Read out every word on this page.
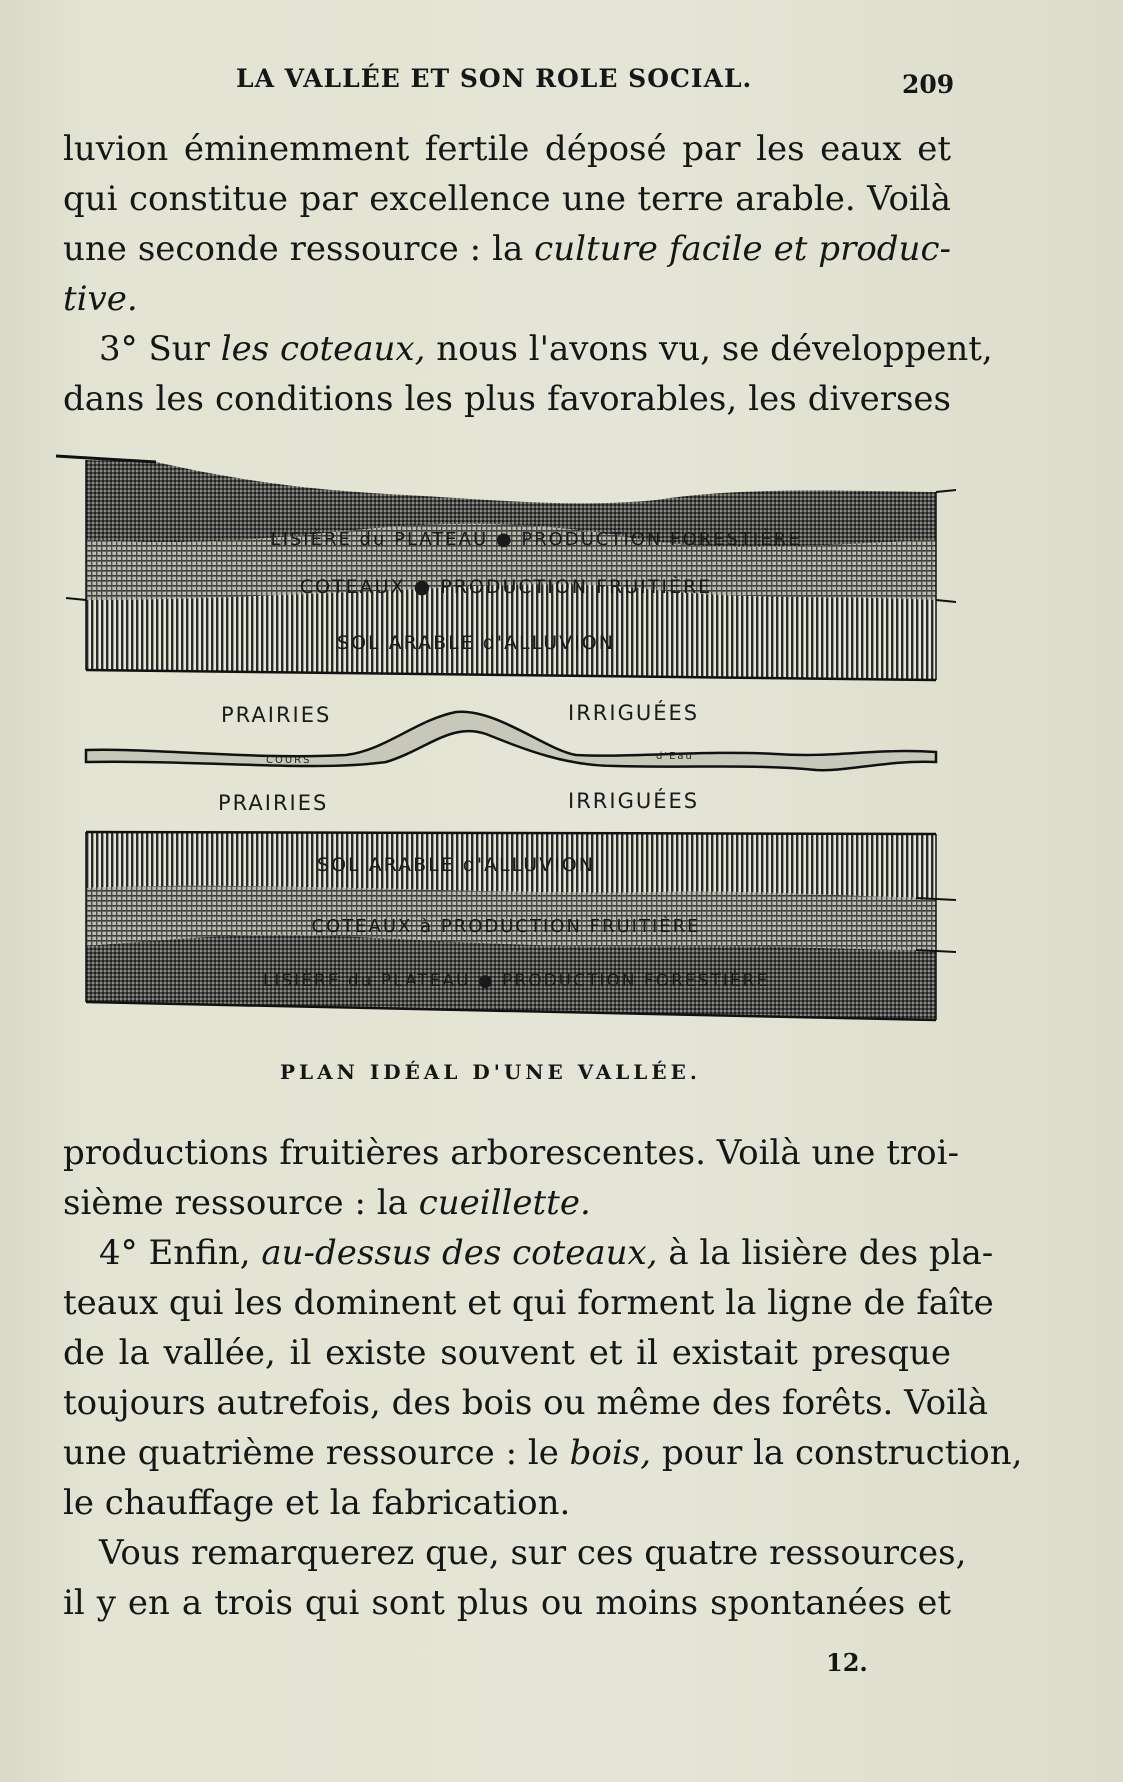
LA VALLÉE ET SON ROLE SOCIAL.	209
luvion éminemment fertile déposé par les eaux et
qui constitue par excellence une terre arable. Voilà
une seconde ressource : la culture facile et produc-
tive.
3° Sur les coteaux, nous l'avons vu, se développent,
dans les conditions les plus favorables, les diverses
LISIÈRE du PLATEAU ● PRODUCTION FORESTIÈRE
COTEAUX ● PRODUCTION FRUITIÈRE
SOL ARABLE d'ALLUVION
PRAIRIES	IRRIGUÉES
COURS	d'Eau
PRAIRIES	IRRIGUÉES
SOL ARABLE d'ALLUVION
COTEAUX à PRODUCTION FRUITIÈRE
LISIÈRE du PLATEAU ● PRODUCTION FORESTIÈRE
PLAN IDÉAL D'UNE VALLÉE.
productions fruitières arborescentes. Voilà une troi-
sième ressource : la cueillette.
4° Enfin, au-dessus des coteaux, à la lisière des pla-
teaux qui les dominent et qui forment la ligne de faîte
de la vallée, il existe souvent et il existait presque
toujours autrefois, des bois ou même des forêts. Voilà
une quatrième ressource : le bois, pour la construction,
le chauffage et la fabrication.
Vous remarquerez que, sur ces quatre ressources,
il y en a trois qui sont plus ou moins spontanées et
12.
